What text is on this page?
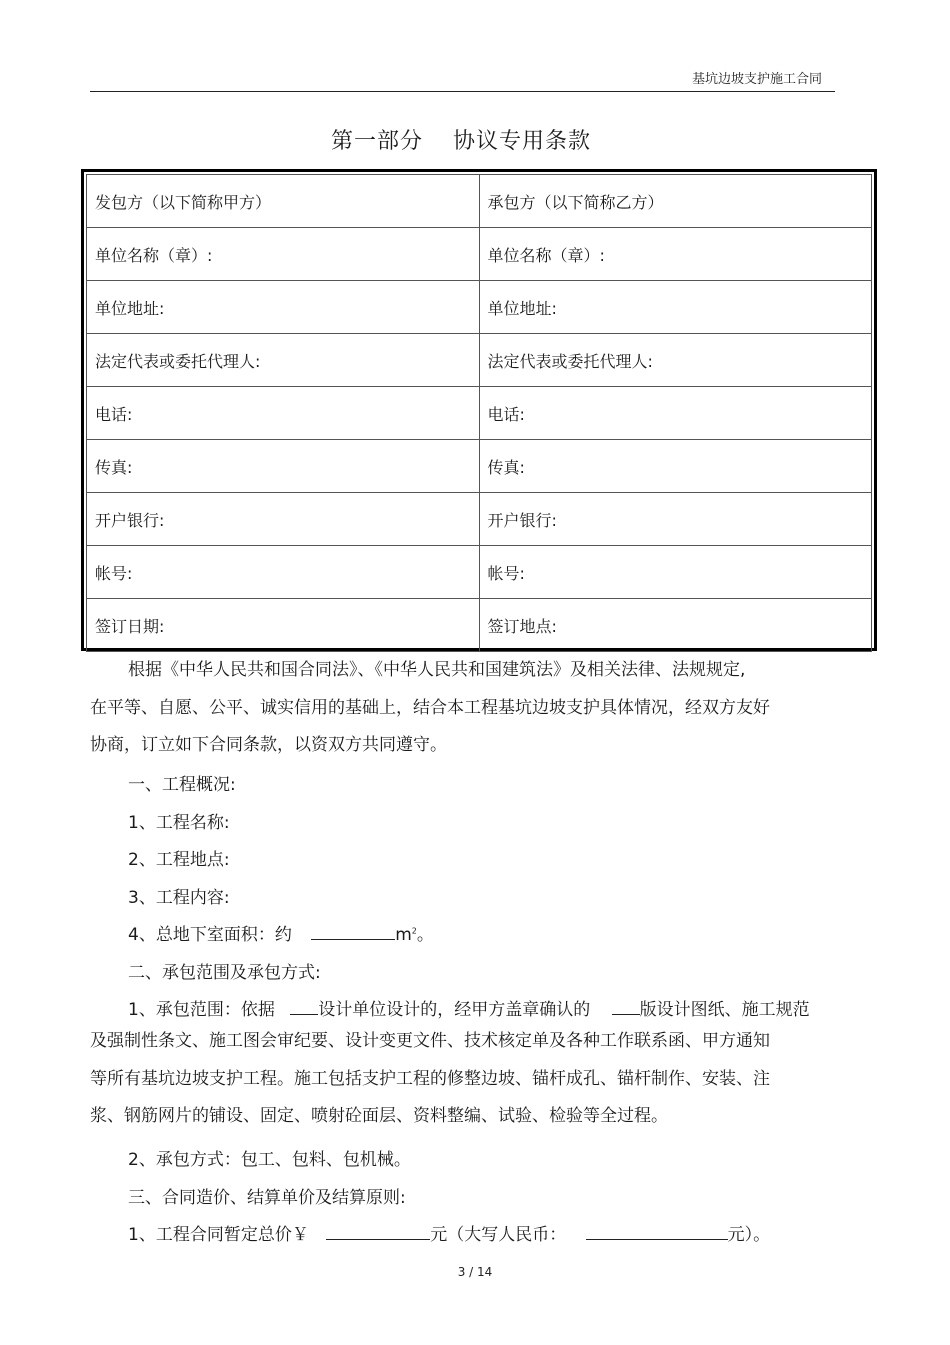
基坑边坡支护施工合同
第一部分 协议专用条款
发包方（以下简称甲方）	承包方（以下简称乙方）
单位名称（章）:	单位名称（章）:
单位地址:	单位地址:
法定代表或委托代理人:	法定代表或委托代理人:
电话:	电话:
传真:	传真:
开户银行:	开户银行:
帐号:	帐号:
签订日期:	签订地点:
根据《中华人民共和国合同法》、《中华人民共和国建筑法》及相关法律、法规规定,
在平等、自愿、公平、诚实信用的基础上，结合本工程基坑边坡支护具体情况，经双方友好
协商，订立如下合同条款，以资双方共同遵守。
一、工程概况:
1、工程名称:
2、工程地点:
3、工程内容:
4、总地下室面积：约	$m^2$。
二、承包范围及承包方式:
1、承包范围：依据	设计单位设计的，经甲方盖章确认的	版设计图纸、施工规范
及强制性条文、施工图会审纪要、设计变更文件、技术核定单及各种工作联系函、甲方通知
等所有基坑边坡支护工程。施工包括支护工程的修整边坡、锚杆成孔、锚杆制作、安装、注
浆、钢筋网片的铺设、固定、喷射砼面层、资料整编、试验、检验等全过程。
2、承包方式：包工、包料、包机械。
三、合同造价、结算单价及结算原则:
1、工程合同暂定总价￥	元（大写人民币：	元）。
3 / 14
